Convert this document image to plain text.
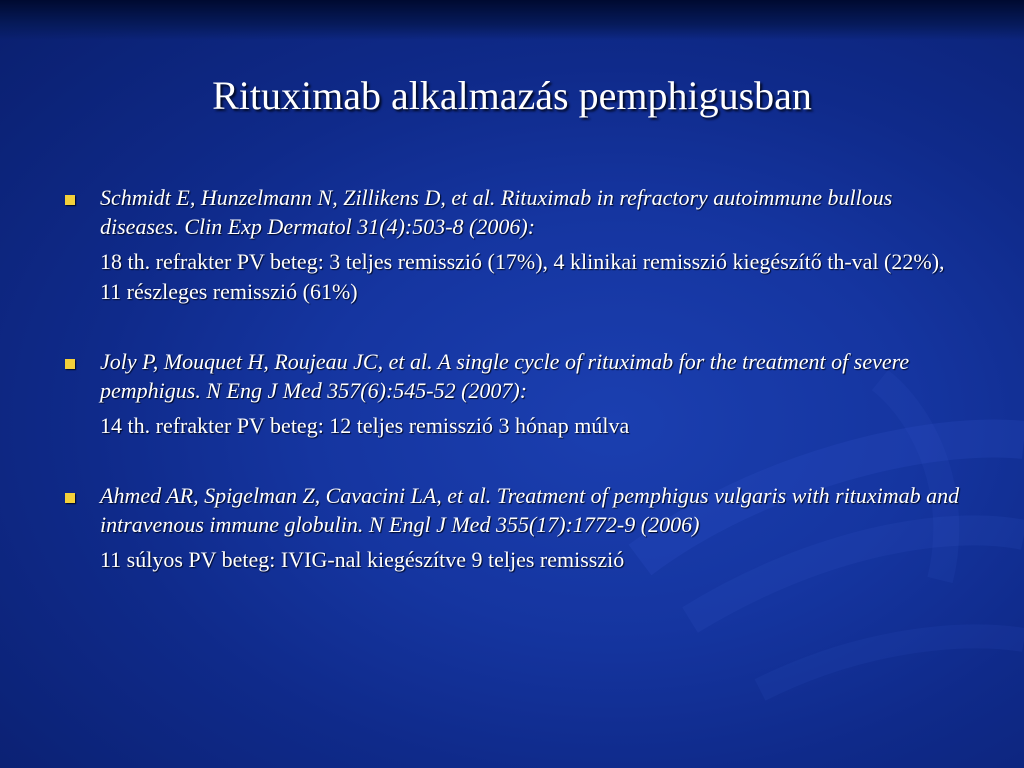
Rituximab alkalmazás pemphigusban
Schmidt E, Hunzelmann N, Zillikens D, et al. Rituximab in refractory autoimmune bullous diseases. Clin Exp Dermatol 31(4):503-8 (2006):
18 th. refrakter PV beteg: 3 teljes remisszió (17%), 4 klinikai remisszió kiegészítő th-val (22%), 11 részleges remisszió (61%)
Joly P, Mouquet H, Roujeau JC, et al. A single cycle of rituximab for the treatment of severe pemphigus. N Eng J Med 357(6):545-52 (2007):
14 th. refrakter PV beteg: 12 teljes remisszió 3 hónap múlva
Ahmed AR, Spigelman Z, Cavacini LA, et al. Treatment of pemphigus vulgaris with rituximab and intravenous immune globulin. N Engl J Med 355(17):1772-9 (2006)
11 súlyos PV beteg: IVIG-nal kiegészítve 9 teljes remisszió
